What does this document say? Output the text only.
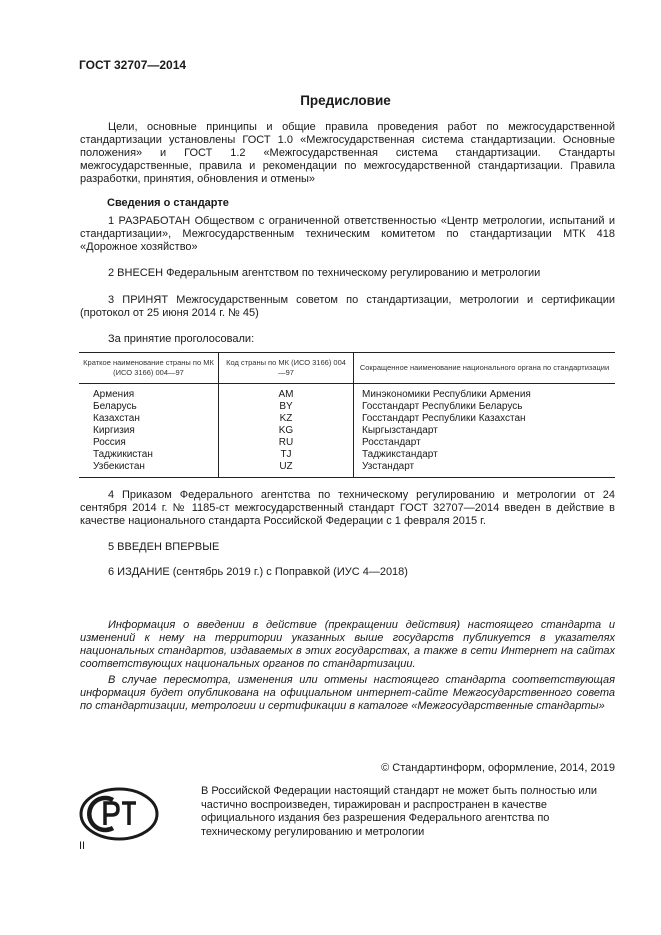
ГОСТ 32707—2014
Предисловие
Цели, основные принципы и общие правила проведения работ по межгосударственной стандартизации установлены ГОСТ 1.0 «Межгосударственная система стандартизации. Основные положения» и ГОСТ 1.2 «Межгосударственная система стандартизации. Стандарты межгосударственные, правила и рекомендации по межгосударственной стандартизации. Правила разработки, принятия, обновления и отмены»
Сведения о стандарте
1 РАЗРАБОТАН Обществом с ограниченной ответственностью «Центр метрологии, испытаний и стандартизации», Межгосударственным техническим комитетом по стандартизации МТК 418 «Дорожное хозяйство»
2 ВНЕСЕН Федеральным агентством по техническому регулированию и метрологии
3 ПРИНЯТ Межгосударственным советом по стандартизации, метрологии и сертификации (протокол от 25 июня 2014 г. № 45)
За принятие проголосовали:
Краткое наименование страны по МК (ИСО 3166) 004—97	Код страны по МК (ИСО 3166) 004—97	Сокращенное наименование национального органа по стандартизации
Армения	AM	Минэкономики Республики Армения
Беларусь	BY	Госстандарт Республики Беларусь
Казахстан	KZ	Госстандарт Республики Казахстан
Киргизия	KG	Кыргызстандарт
Россия	RU	Росстандарт
Таджикистан	TJ	Таджикстандарт
Узбекистан	UZ	Узстандарт
4 Приказом Федерального агентства по техническому регулированию и метрологии от 24 сентября 2014 г. № 1185-ст межгосударственный стандарт ГОСТ 32707—2014 введен в действие в качестве национального стандарта Российской Федерации с 1 февраля 2015 г.
5 ВВЕДЕН ВПЕРВЫЕ
6 ИЗДАНИЕ (сентябрь 2019 г.) с Поправкой (ИУС 4—2018)
Информация о введении в действие (прекращении действия) настоящего стандарта и изменений к нему на территории указанных выше государств публикуется в указателях национальных стандартов, издаваемых в этих государствах, а также в сети Интернет на сайтах соответствующих национальных органов по стандартизации.
В случае пересмотра, изменения или отмены настоящего стандарта соответствующая информация будет опубликована на официальном интернет-сайте Межгосударственного совета по стандартизации, метрологии и сертификации в каталоге «Межгосударственные стандарты»
© Стандартинформ, оформление, 2014, 2019
В Российской Федерации настоящий стандарт не может быть полностью или частично воспроизведен, тиражирован и распространен в качестве официального издания без разрешения Федерального агентства по техническому регулированию и метрологии
II
